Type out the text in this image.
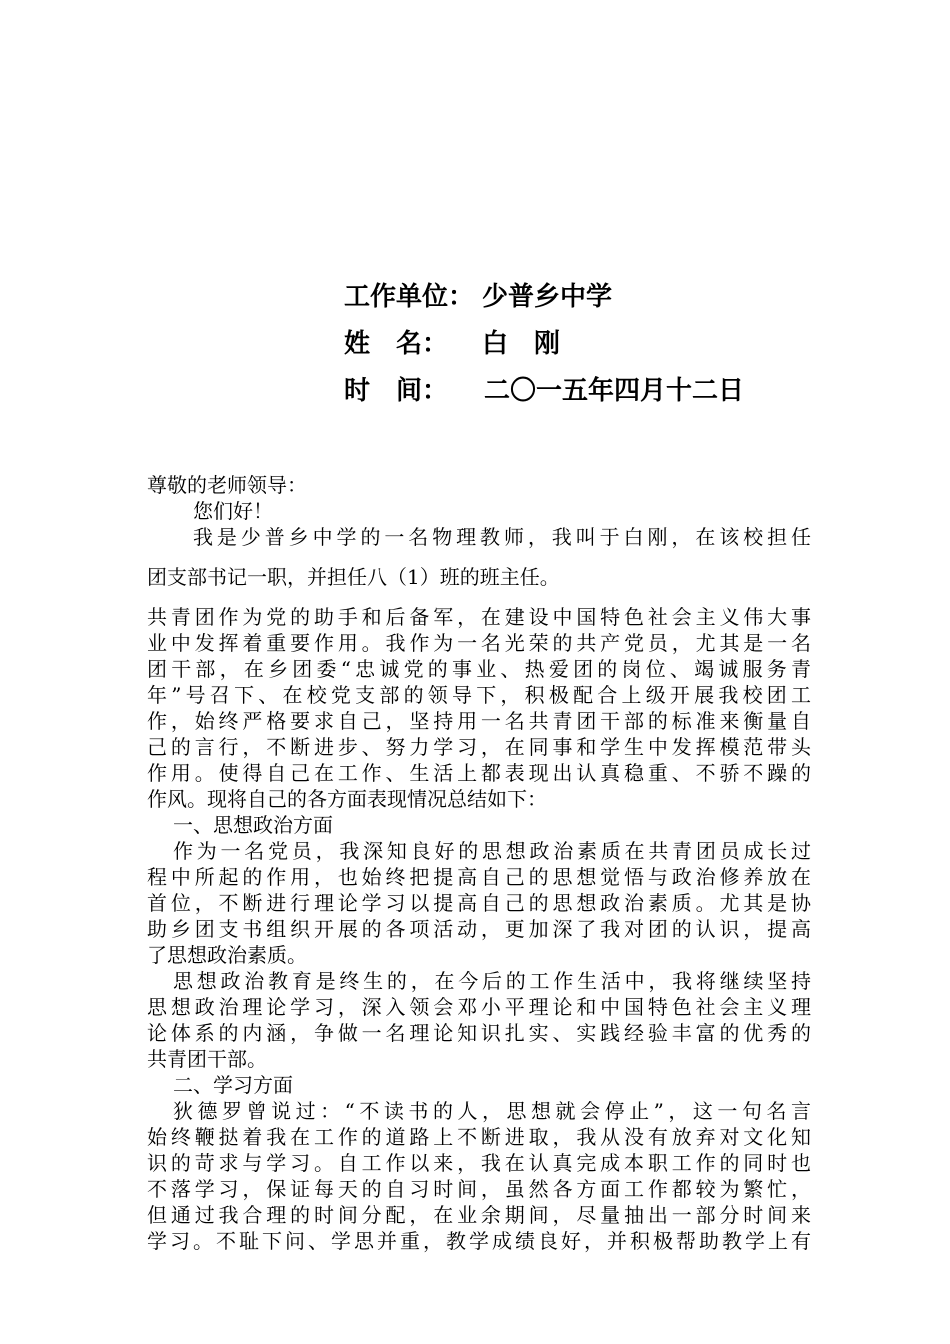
工作单位： 少普乡中学
姓　名：	白　刚
时　间：	二〇一五年四月十二日
尊敬的老师领导：
您们好！
我是少普乡中学的一名物理教师，我叫于白刚，在该校担任
团支部书记一职，并担任八（1）班的班主任。
共青团作为党的助手和后备军，在建设中国特色社会主义伟大事
业中发挥着重要作用。我作为一名光荣的共产党员，尤其是一名
团干部，在乡团委“忠诚党的事业、热爱团的岗位、竭诚服务青
年”号召下、在校党支部的领导下，积极配合上级开展我校团工
作，始终严格要求自己，坚持用一名共青团干部的标准来衡量自
己的言行，不断进步、努力学习，在同事和学生中发挥模范带头
作用。使得自己在工作、生活上都表现出认真稳重、不骄不躁的
作风。现将自己的各方面表现情况总结如下：
一、思想政治方面
作为一名党员，我深知良好的思想政治素质在共青团员成长过
程中所起的作用，也始终把提高自己的思想觉悟与政治修养放在
首位，不断进行理论学习以提高自己的思想政治素质。尤其是协
助乡团支书组织开展的各项活动，更加深了我对团的认识，提高
了思想政治素质。
思想政治教育是终生的，在今后的工作生活中，我将继续坚持
思想政治理论学习，深入领会邓小平理论和中国特色社会主义理
论体系的内涵，争做一名理论知识扎实、实践经验丰富的优秀的
共青团干部。
二、学习方面
狄德罗曾说过：“不读书的人，思想就会停止”，这一句名言
始终鞭挞着我在工作的道路上不断进取，我从没有放弃对文化知
识的苛求与学习。自工作以来，我在认真完成本职工作的同时也
不落学习，保证每天的自习时间，虽然各方面工作都较为繁忙，
但通过我合理的时间分配，在业余期间，尽量抽出一部分时间来
学习。不耻下问、学思并重，教学成绩良好，并积极帮助教学上有
